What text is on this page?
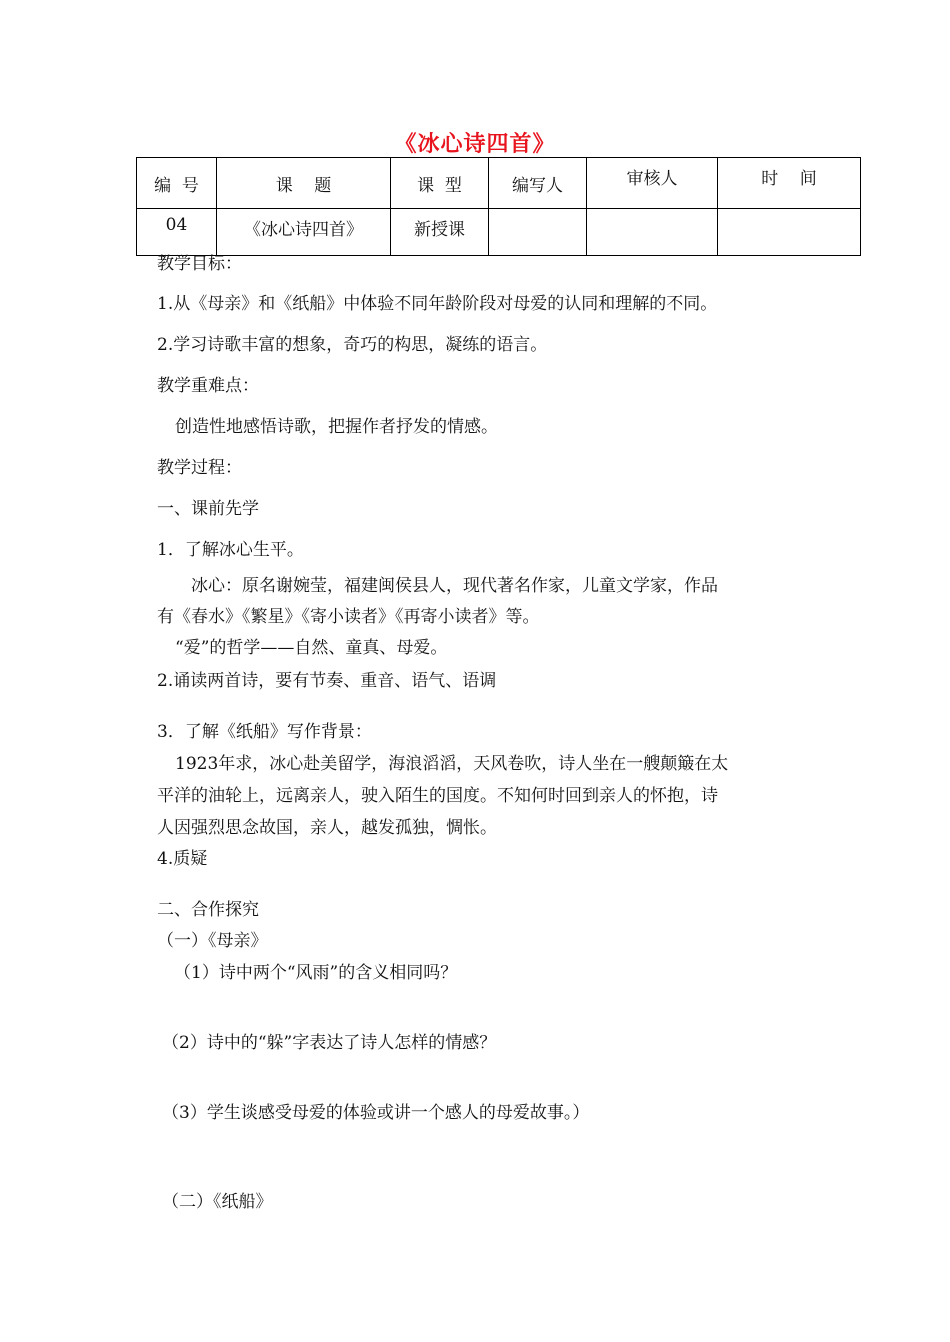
《冰心诗四首》
编  号	课    题	课  型	编写人	审核人	时    间
04	《冰心诗四首》	新授课			
教学目标：
1.从《母亲》和《纸船》中体验不同年龄阶段对母爱的认同和理解的不同。
2.学习诗歌丰富的想象，奇巧的构思，凝练的语言。
教学重难点：
创造性地感悟诗歌，把握作者抒发的情感。
教学过程：
一、课前先学
1．了解冰心生平。
冰心：原名谢婉莹，福建闽侯县人，现代著名作家，儿童文学家，作品
有《春水》《繁星》《寄小读者》《再寄小读者》等。
“爱”的哲学——自然、童真、母爱。
2.诵读两首诗，要有节奏、重音、语气、语调
3．了解《纸船》写作背景：
1923年求，冰心赴美留学，海浪滔滔，天风卷吹，诗人坐在一艘颠簸在太
平洋的油轮上，远离亲人，驶入陌生的国度。不知何时回到亲人的怀抱，诗
人因强烈思念故国，亲人，越发孤独，惆怅。
4.质疑
二、合作探究
（一）《母亲》
（1）诗中两个“风雨”的含义相同吗？
（2）诗中的“躲”字表达了诗人怎样的情感？
（3）学生谈感受母爱的体验或讲一个感人的母爱故事。）
（二）《纸船》
